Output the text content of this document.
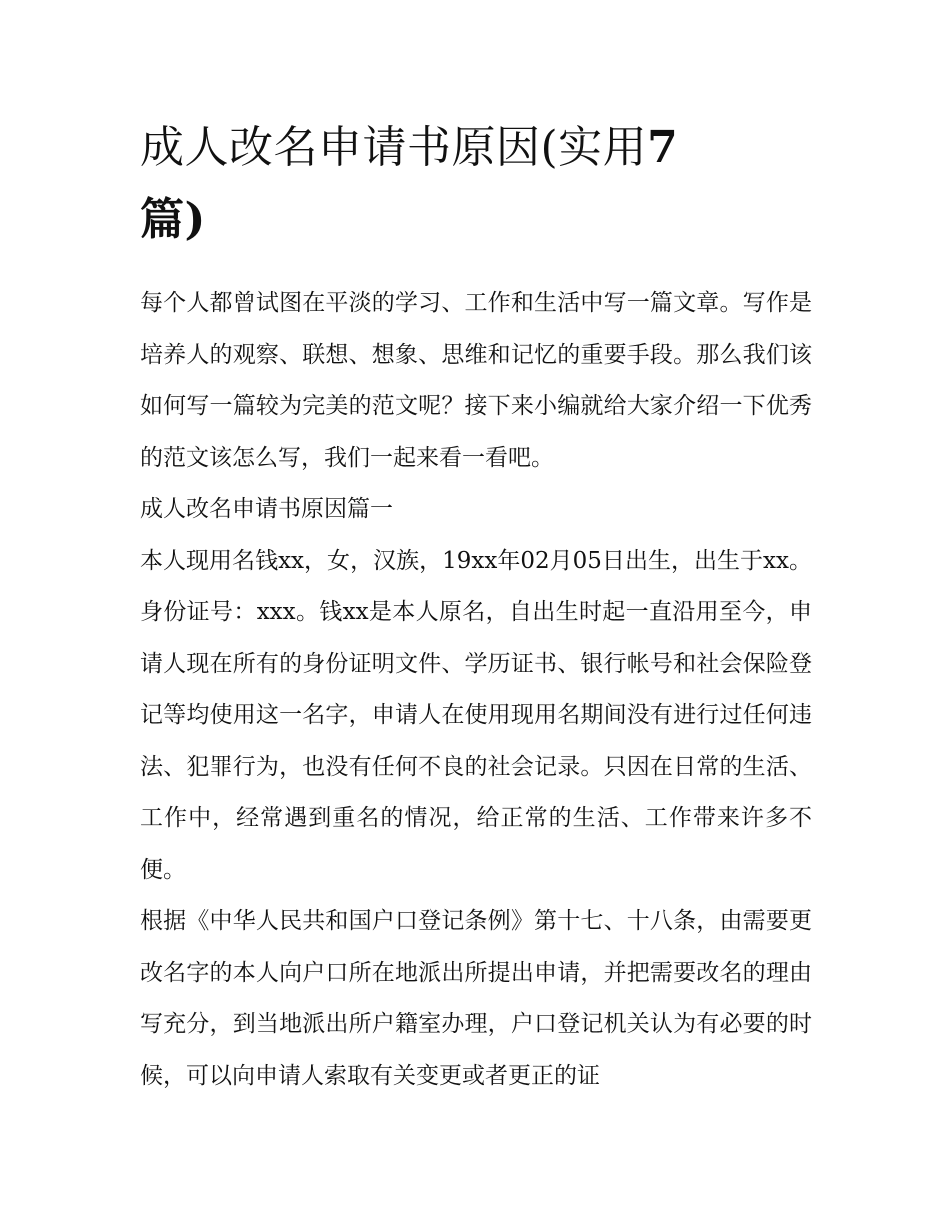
成人改名申请书原因(实用7
篇)

每个人都曾试图在平淡的学习、工作和生活中写一篇文章。写作是培养人的观察、联想、想象、思维和记忆的重要手段。那么我们该如何写一篇较为完美的范文呢？接下来小编就给大家介绍一下优秀的范文该怎么写，我们一起来看一看吧。

成人改名申请书原因篇一

本人现用名钱xx，女，汉族，19xx年02月05日出生，出生于xx。身份证号：xxx。钱xx是本人原名，自出生时起一直沿用至今，申请人现在所有的身份证明文件、学历证书、银行帐号和社会保险登记等均使用这一名字，申请人在使用现用名期间没有进行过任何违法、犯罪行为，也没有任何不良的社会记录。只因在日常的生活、工作中，经常遇到重名的情况，给正常的生活、工作带来许多不便。

根据《中华人民共和国户口登记条例》第十七、十八条，由需要更改名字的本人向户口所在地派出所提出申请，并把需要改名的理由写充分，到当地派出所户籍室办理，户口登记机关认为有必要的时候，可以向申请人索取有关变更或者更正的证
